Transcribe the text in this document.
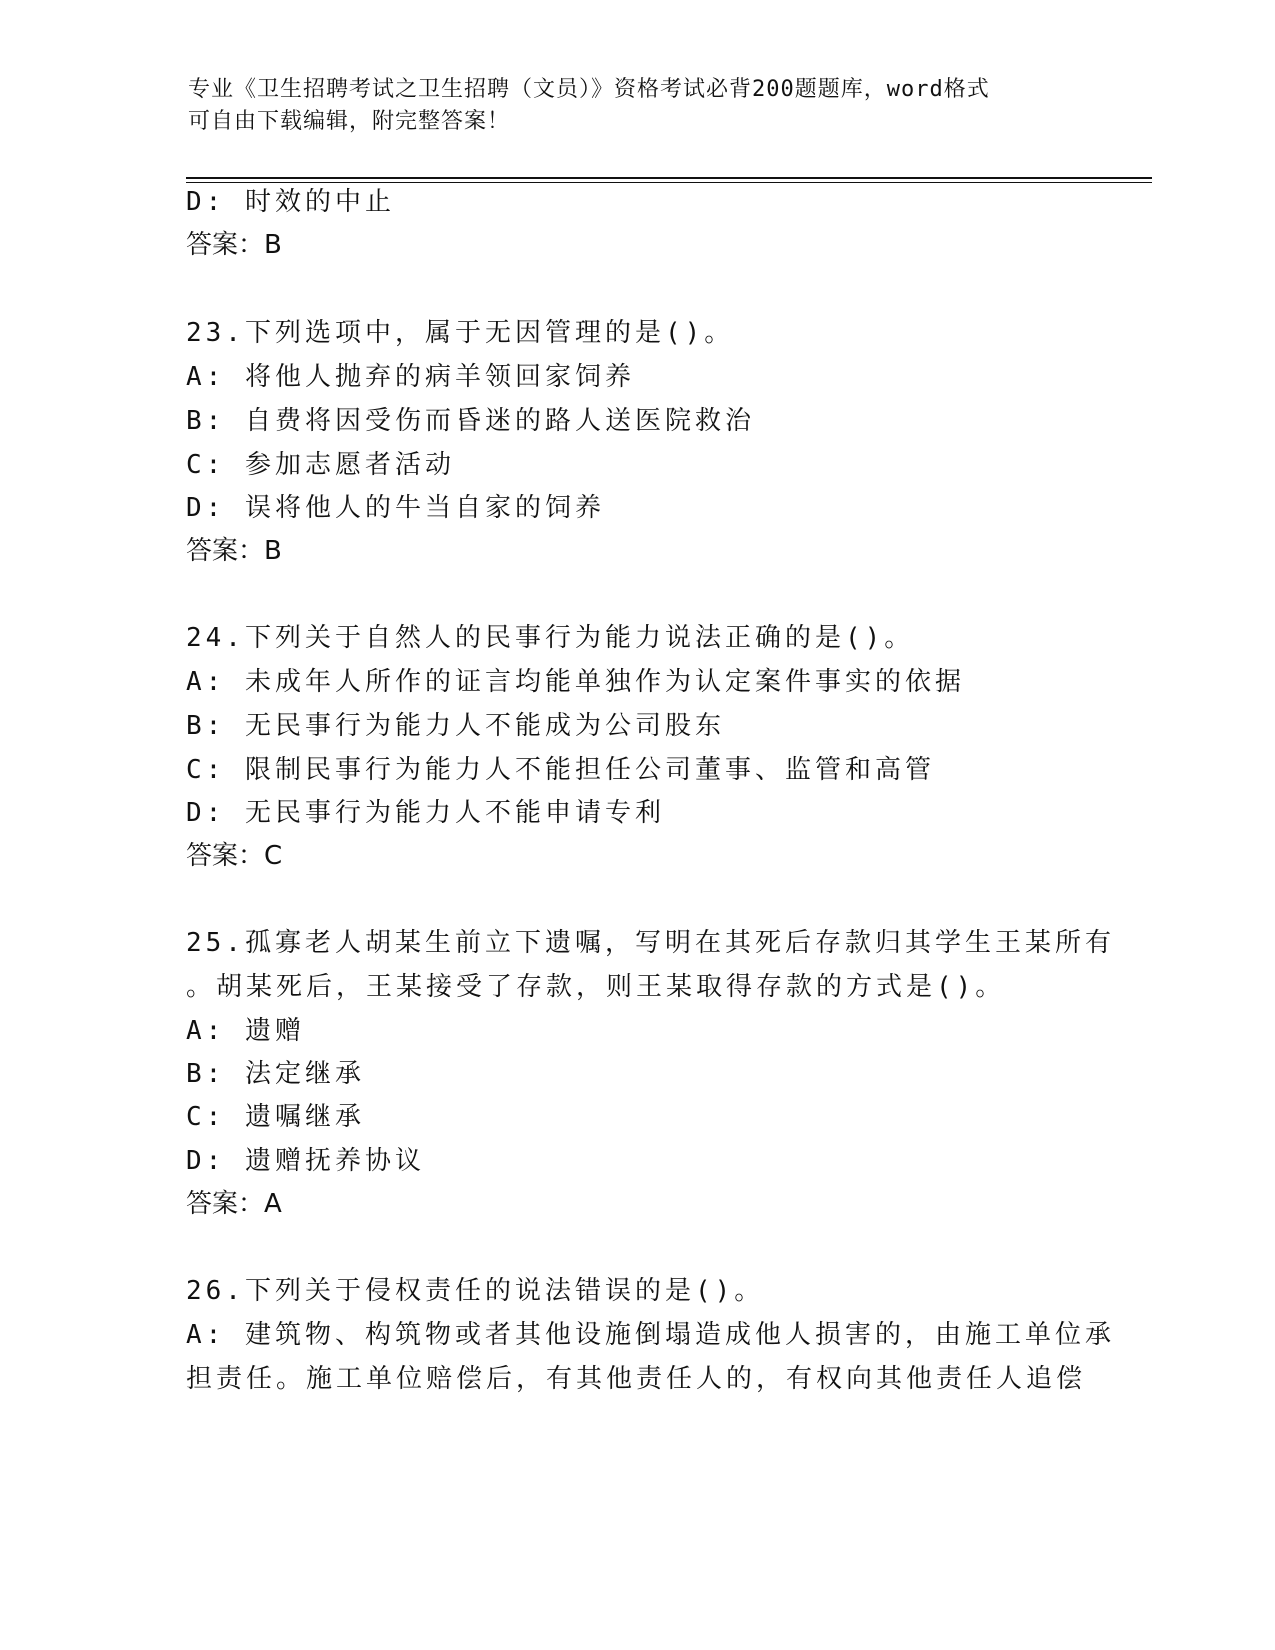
专业《卫生招聘考试之卫生招聘（文员）》资格考试必背200题题库，word格式
可自由下载编辑，附完整答案！
D: 时效的中止
答案：B
23.下列选项中，属于无因管理的是()。
A: 将他人抛弃的病羊领回家饲养
B: 自费将因受伤而昏迷的路人送医院救治
C: 参加志愿者活动
D: 误将他人的牛当自家的饲养
答案：B
24.下列关于自然人的民事行为能力说法正确的是()。
A: 未成年人所作的证言均能单独作为认定案件事实的依据
B: 无民事行为能力人不能成为公司股东
C: 限制民事行为能力人不能担任公司董事、监管和高管
D: 无民事行为能力人不能申请专利
答案：C
25.孤寡老人胡某生前立下遗嘱，写明在其死后存款归其学生王某所有
。胡某死后，王某接受了存款，则王某取得存款的方式是()。
A: 遗赠
B: 法定继承
C: 遗嘱继承
D: 遗赠抚养协议
答案：A
26.下列关于侵权责任的说法错误的是()。
A: 建筑物、构筑物或者其他设施倒塌造成他人损害的，由施工单位承
担责任。施工单位赔偿后，有其他责任人的，有权向其他责任人追偿
